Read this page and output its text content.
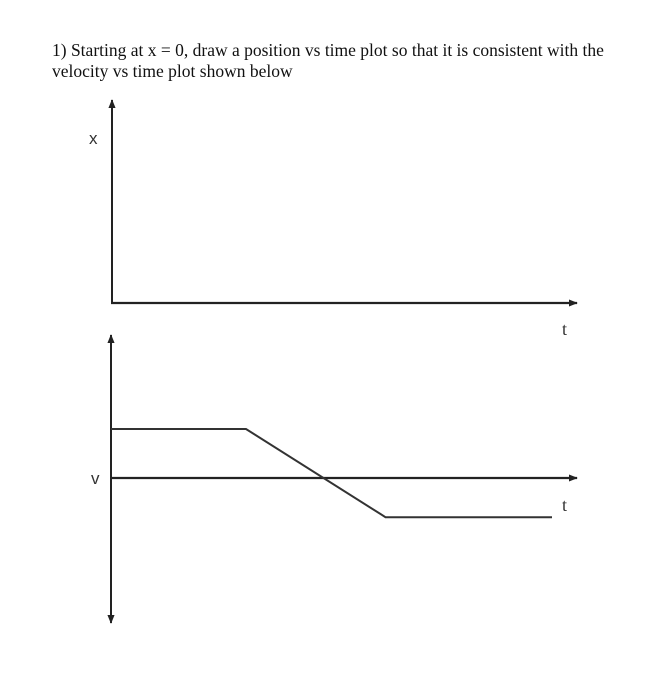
1) Starting at x = 0, draw a position vs time plot so that it is consistent with the

velocity vs time plot shown below

x
t
v
t
